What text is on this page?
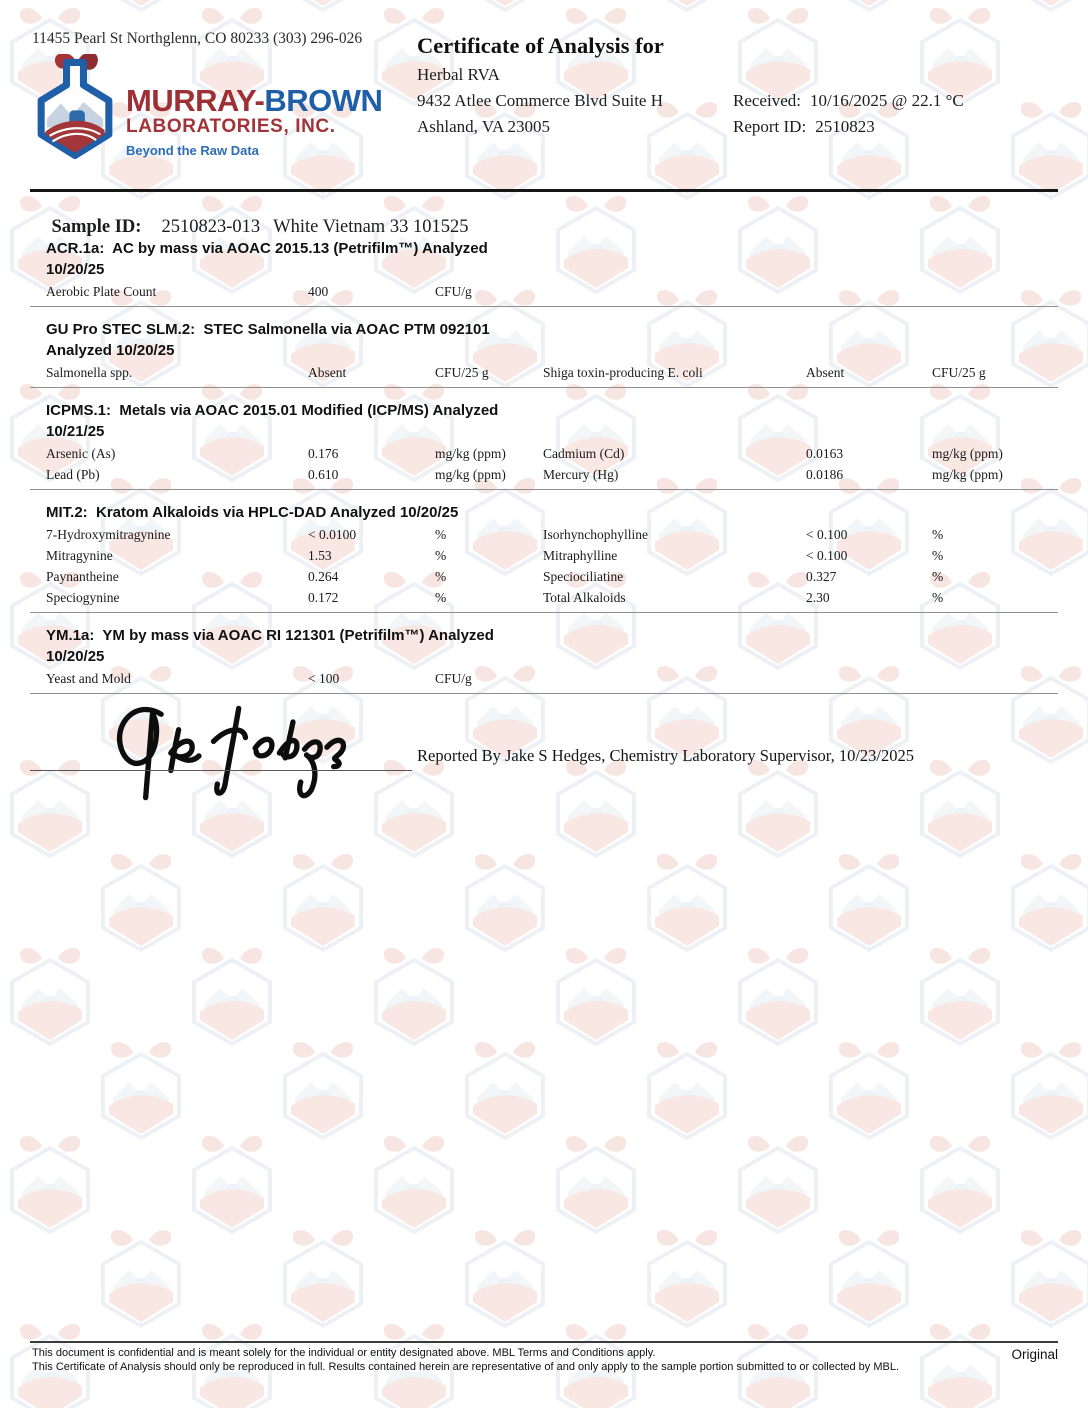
11455 Pearl St Northglenn, CO 80233 (303) 296-026
MURRAY-BROWN
LABORATORIES, INC.
Beyond the Raw Data
Certificate of Analysis for
Herbal RVA
9432 Atlee Commerce Blvd Suite H
Ashland, VA 23005
Received: 10/16/2025 @ 22.1 °C
Report ID: 2510823

Sample ID: 2510823-013 White Vietnam 33 101525

ACR.1a:  AC by mass via AOAC 2015.13 (Petrifilm™) Analyzed
10/20/25
Aerobic Plate Count	400	CFU/g
GU Pro STEC SLM.2:  STEC Salmonella via AOAC PTM 092101
Analyzed 10/20/25
Salmonella spp.	Absent	CFU/25 g	Shiga toxin-producing E. coli	Absent	CFU/25 g
ICPMS.1:  Metals via AOAC 2015.01 Modified (ICP/MS) Analyzed
10/21/25
Arsenic (As)	0.176	mg/kg (ppm)	Cadmium (Cd)	0.0163	mg/kg (ppm)
Lead (Pb)	0.610	mg/kg (ppm)	Mercury (Hg)	0.0186	mg/kg (ppm)
MIT.2:  Kratom Alkaloids via HPLC-DAD Analyzed 10/20/25
7-Hydroxymitragynine	< 0.0100	%	Isorhynchophylline	< 0.100	%
Mitragynine	1.53	%	Mitraphylline	< 0.100	%
Paynantheine	0.264	%	Speciociliatine	0.327	%
Speciogynine	0.172	%	Total Alkaloids	2.30	%
YM.1a:  YM by mass via AOAC RI 121301 (Petrifilm™) Analyzed
10/20/25
Yeast and Mold	< 100	CFU/g
Reported By Jake S Hedges, Chemistry Laboratory Supervisor, 10/23/2025
This document is confidential and is meant solely for the individual or entity designated above. MBL Terms and Conditions apply.
This Certificate of Analysis should only be reproduced in full. Results contained herein are representative of and only apply to the sample portion submitted to or collected by MBL.
Original
